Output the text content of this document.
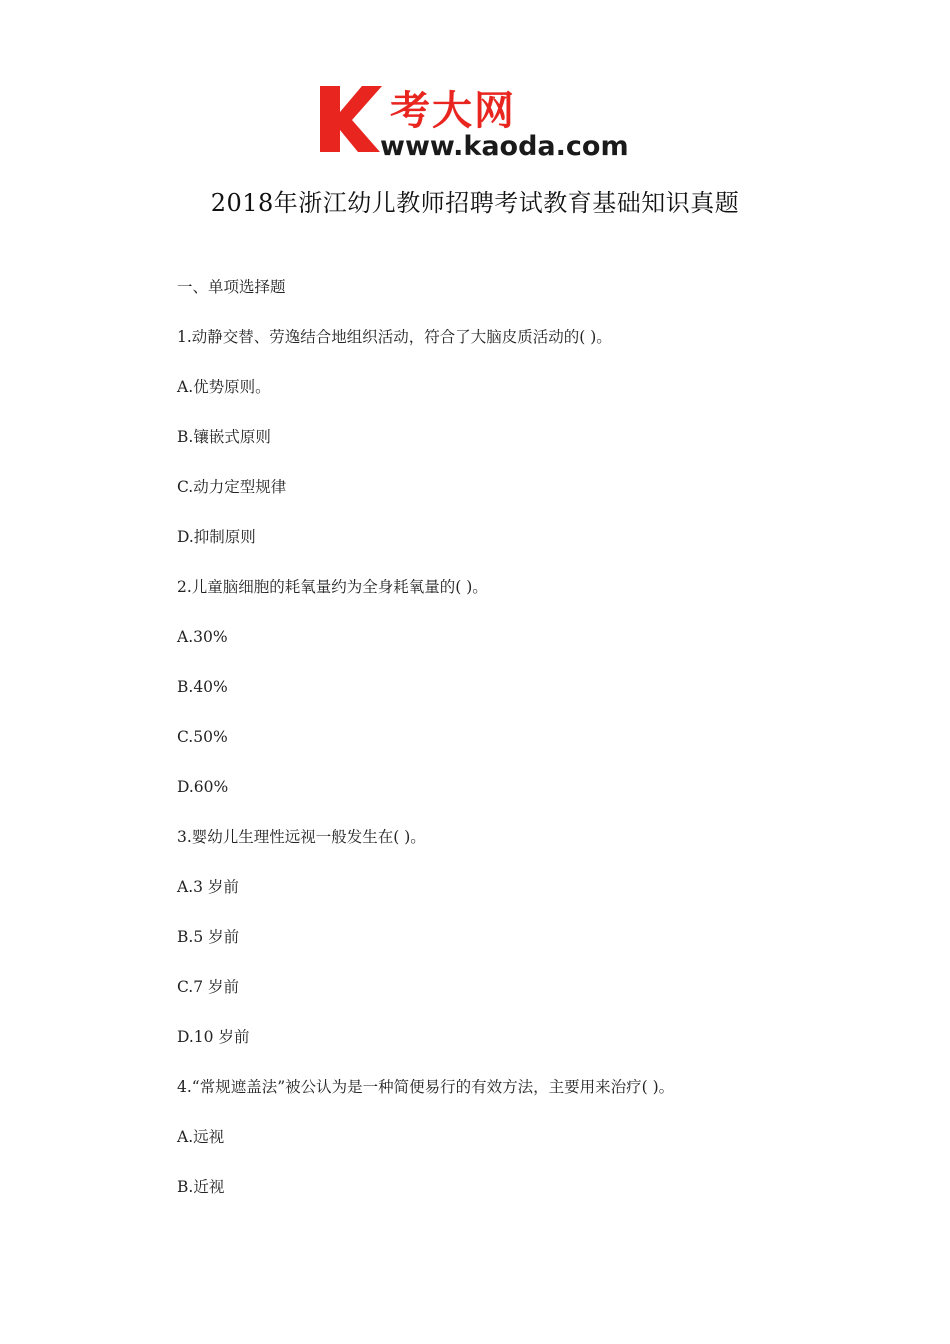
考大网
www.kaoda.com
2018年浙江幼儿教师招聘考试教育基础知识真题
一、单项选择题
1.动静交替、劳逸结合地组织活动，符合了大脑皮质活动的( )。
A.优势原则。
B.镶嵌式原则
C.动力定型规律
D.抑制原则
2.儿童脑细胞的耗氧量约为全身耗氧量的( )。
A.30%
B.40%
C.50%
D.60%
3.婴幼儿生理性远视一般发生在( )。
A.3 岁前
B.5 岁前
C.7 岁前
D.10 岁前
4.“常规遮盖法”被公认为是一种简便易行的有效方法，主要用来治疗( )。
A.远视
B.近视
